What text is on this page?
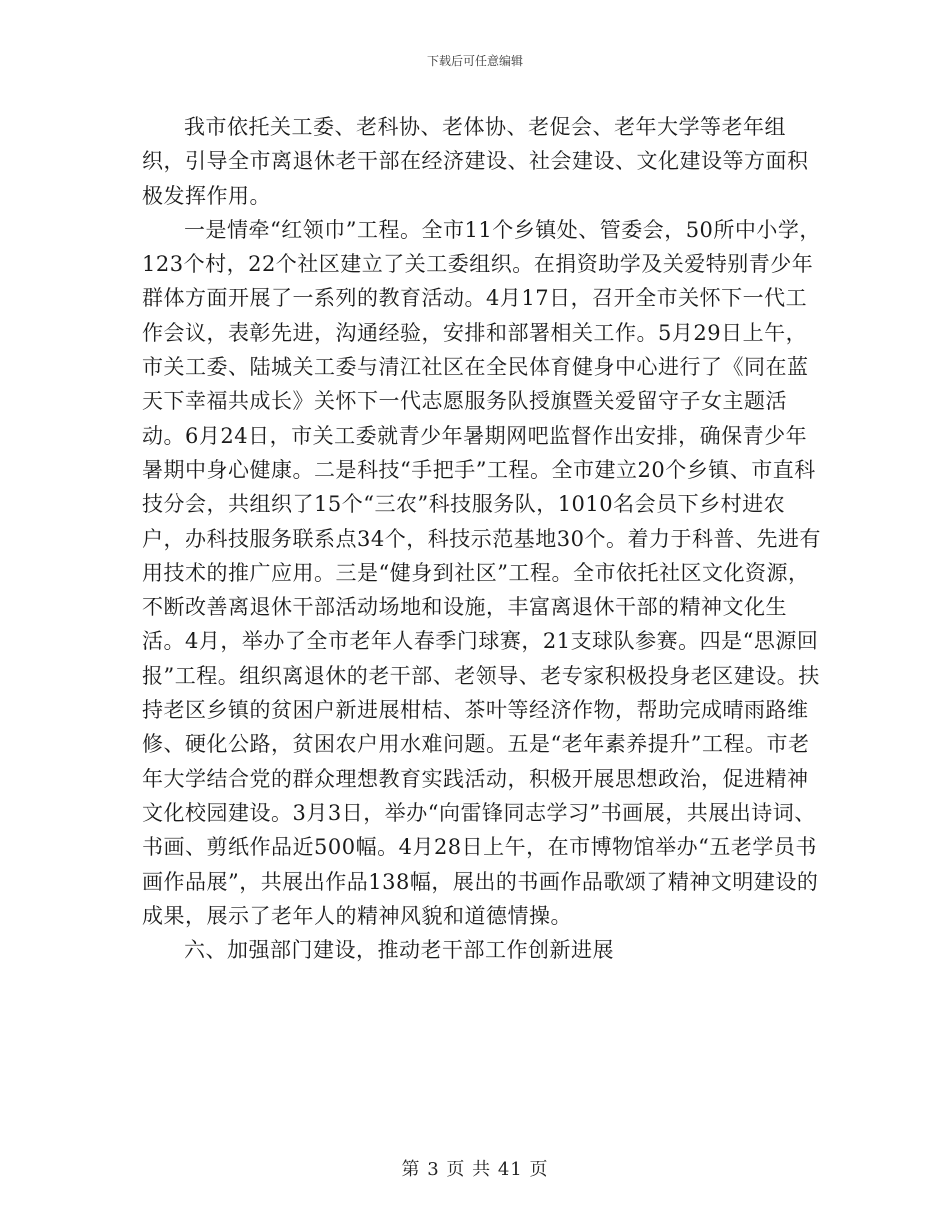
下载后可任意编辑

我市依托关工委、老科协、老体协、老促会、老年大学等老年组织，引导全市离退休老干部在经济建设、社会建设、文化建设等方面积极发挥作用。

一是情牵“红领巾”工程。全市11个乡镇处、管委会，50所中小学，123个村，22个社区建立了关工委组织。在捐资助学及关爱特别青少年群体方面开展了一系列的教育活动。4月17日，召开全市关怀下一代工作会议，表彰先进，沟通经验，安排和部署相关工作。5月29日上午，市关工委、陆城关工委与清江社区在全民体育健身中心进行了《同在蓝天下幸福共成长》关怀下一代志愿服务队授旗暨关爱留守子女主题活动。6月24日，市关工委就青少年暑期网吧监督作出安排，确保青少年暑期中身心健康。二是科技“手把手”工程。全市建立20个乡镇、市直科技分会，共组织了15个“三农”科技服务队，1010名会员下乡村进农户，办科技服务联系点34个，科技示范基地30个。着力于科普、先进有用技术的推广应用。三是“健身到社区”工程。全市依托社区文化资源，不断改善离退休干部活动场地和设施，丰富离退休干部的精神文化生活。4月，举办了全市老年人春季门球赛，21支球队参赛。四是“思源回报”工程。组织离退休的老干部、老领导、老专家积极投身老区建设。扶持老区乡镇的贫困户新进展柑桔、茶叶等经济作物，帮助完成晴雨路维修、硬化公路，贫困农户用水难问题。五是“老年素养提升”工程。市老年大学结合党的群众理想教育实践活动，积极开展思想政治，促进精神文化校园建设。3月3日，举办“向雷锋同志学习”书画展，共展出诗词、书画、剪纸作品近500幅。4月28日上午，在市博物馆举办“五老学员书画作品展”，共展出作品138幅，展出的书画作品歌颂了精神文明建设的成果，展示了老年人的精神风貌和道德情操。

六、加强部门建设，推动老干部工作创新进展

第 3 页 共 41 页
